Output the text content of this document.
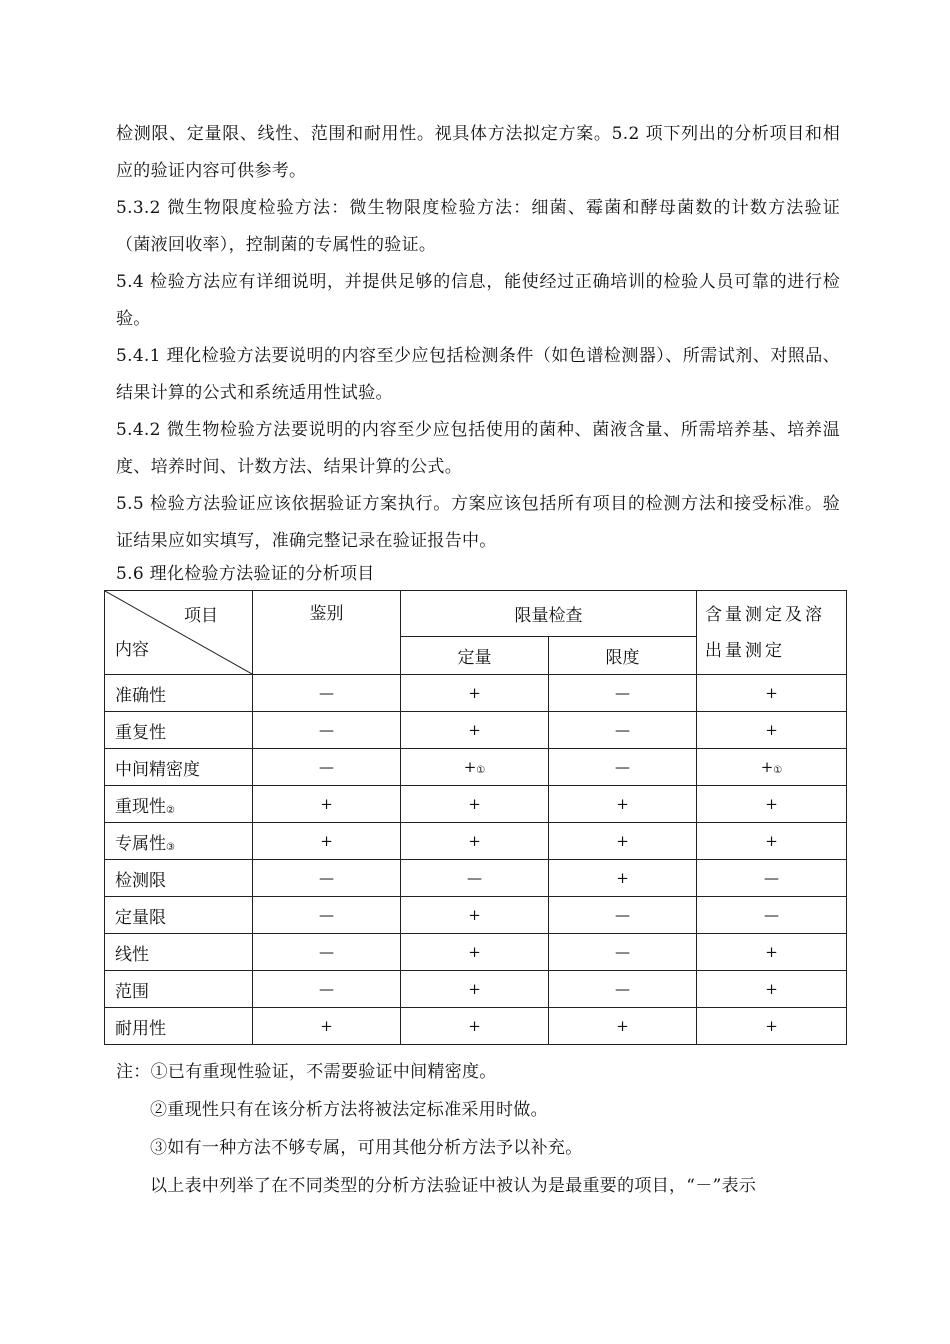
检测限、定量限、线性、范围和耐用性。视具体方法拟定方案。5.2 项下列出的分析项目和相应的验证内容可供参考。

5.3.2 微生物限度检验方法：微生物限度检验方法：细菌、霉菌和酵母菌数的计数方法验证（菌液回收率），控制菌的专属性的验证。

5.4 检验方法应有详细说明，并提供足够的信息，能使经过正确培训的检验人员可靠的进行检验。

5.4.1 理化检验方法要说明的内容至少应包括检测条件（如色谱检测器）、所需试剂、对照品、结果计算的公式和系统适用性试验。

5.4.2 微生物检验方法要说明的内容至少应包括使用的菌种、菌液含量、所需培养基、培养温度、培养时间、计数方法、结果计算的公式。

5.5 检验方法验证应该依据验证方案执行。方案应该包括所有项目的检测方法和接受标准。验证结果应如实填写，准确完整记录在验证报告中。

5.6 理化检验方法验证的分析项目

项目
内容	鉴别	限量检查		含量测定及溶出量测定
		定量	限度	
准确性	—	+	—	+
重复性	—	+	—	+
中间精密度	—	+①	—	+①
重现性②	+	+	+	+
专属性③	+	+	+	+
检测限	—	—	+	—
定量限	—	+	—	—
线性	—	+	—	+
范围	—	+	—	+
耐用性	+	+	+	+

注：①已有重现性验证，不需要验证中间精密度。

②重现性只有在该分析方法将被法定标准采用时做。

③如有一种方法不够专属，可用其他分析方法予以补充。

以上表中列举了在不同类型的分析方法验证中被认为是最重要的项目，“－”表示
